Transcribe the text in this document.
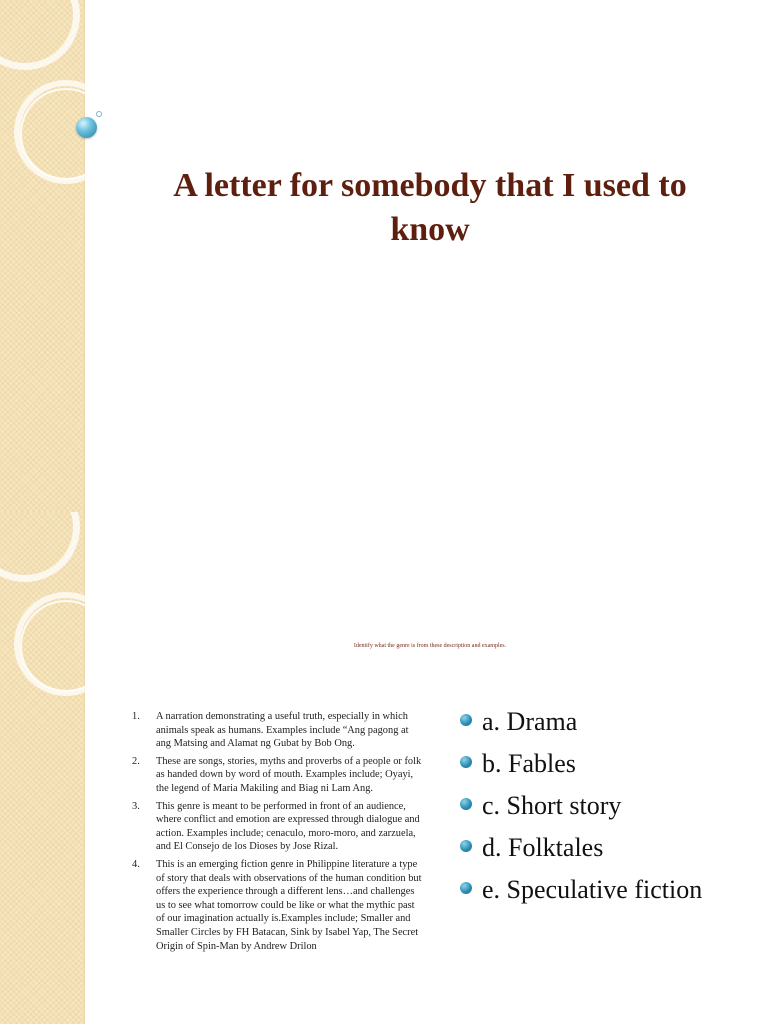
A letter for somebody that I used to know
Identify what the genre is from these description and examples.
1. A narration demonstrating a useful truth, especially in which animals speak as humans. Examples include “Ang pagong at ang Matsing and Alamat ng Gubat by Bob Ong.
2. These are songs, stories, myths and proverbs of a people or folk as handed down by word of mouth. Examples include; Oyayi, the legend of Maria Makiling and Biag ni Lam Ang.
3. This genre is meant to be performed in front of an audience, where conflict and emotion are expressed through dialogue and action. Examples include; cenaculo, moro-moro, and zarzuela, and El Consejo de los Dioses by Jose Rizal.
4. This is an emerging fiction genre in Philippine literature a type of story that deals with observations of the human condition but offers the experience through a different lens…and challenges us to see what tomorrow could be like or what the mythic past of our imagination actually is.Examples include; Smaller and Smaller Circles by FH Batacan, Sink by Isabel Yap, The Secret Origin of Spin-Man by Andrew Drilon
a. Drama
b. Fables
c. Short story
d. Folktales
e. Speculative fiction
